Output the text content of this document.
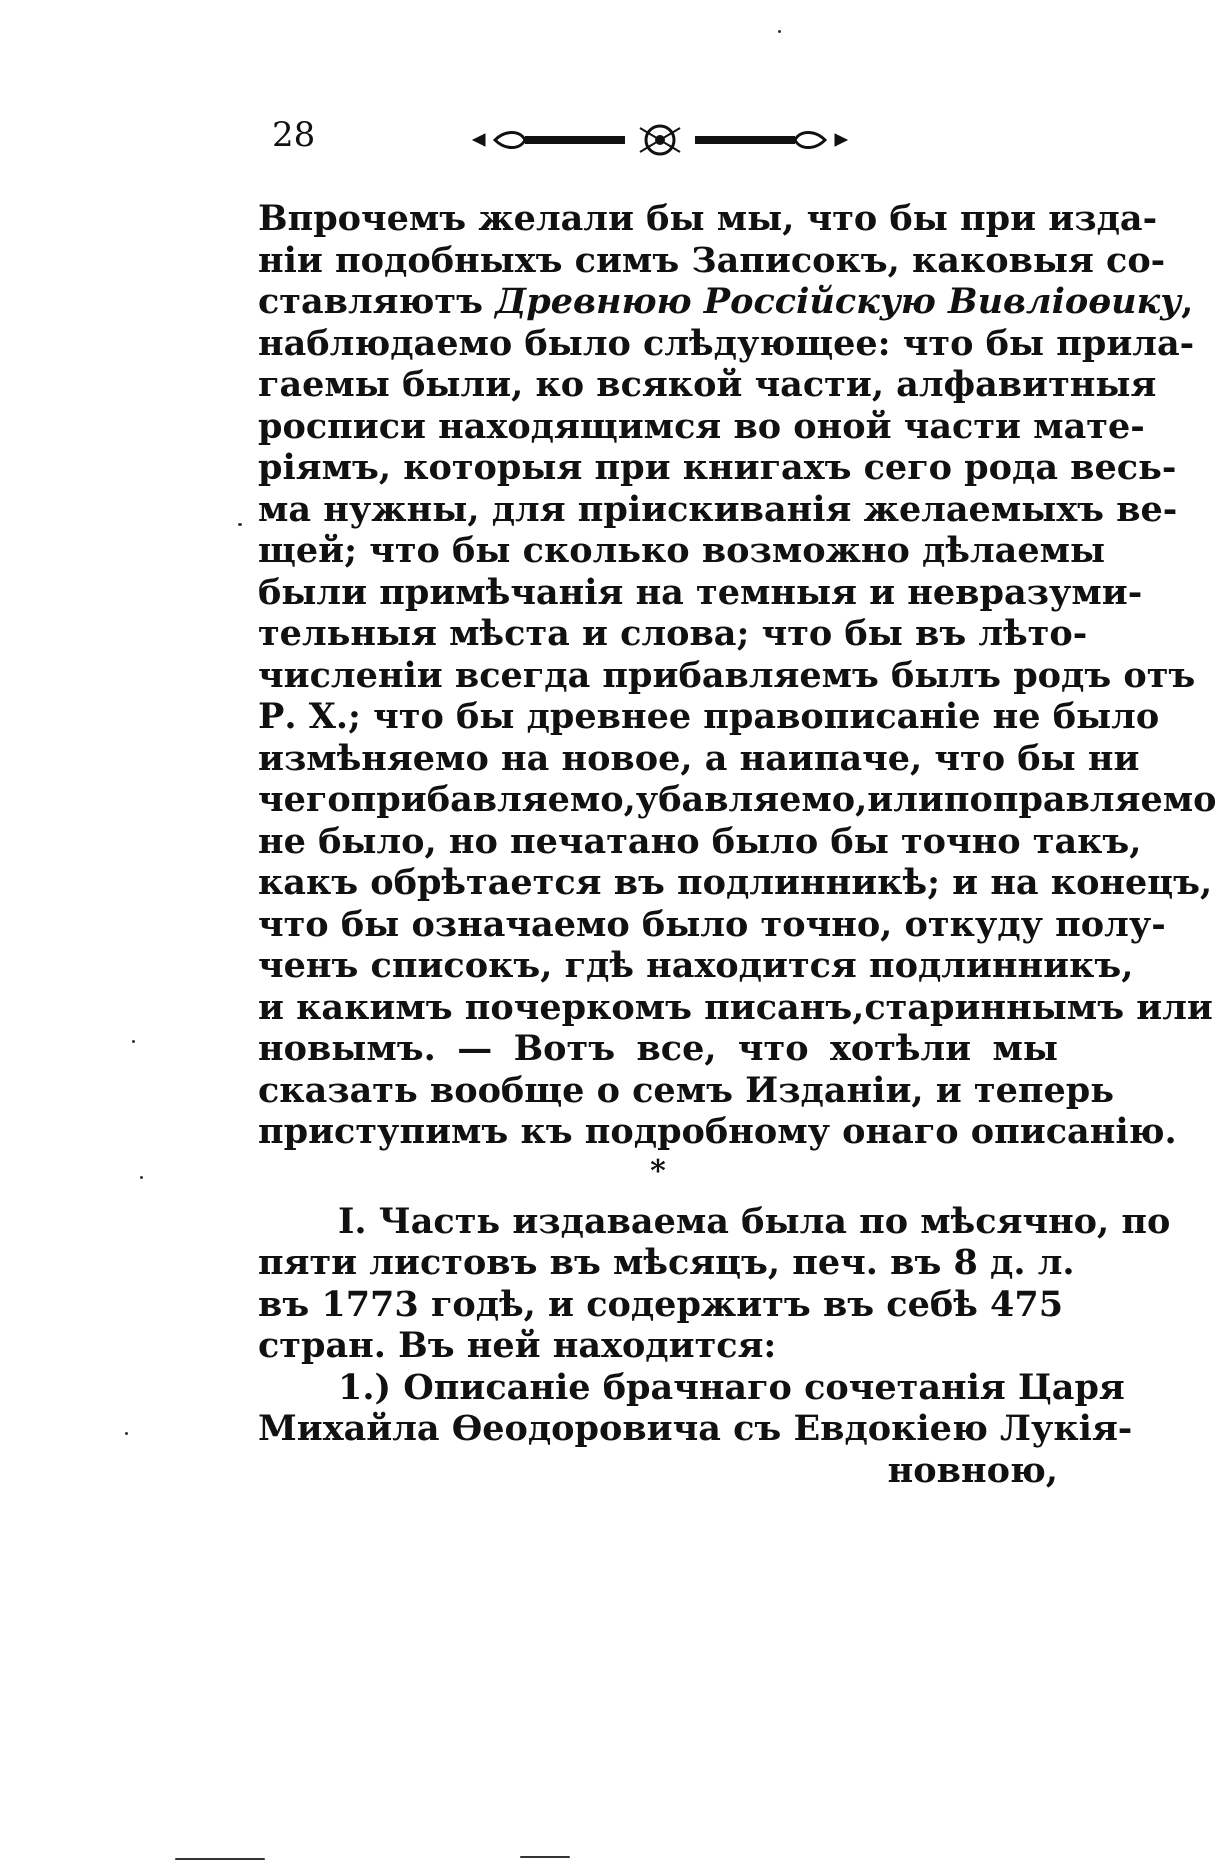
28
Впрочемъ желали бы мы, что бы при изда-
ніи подобныхъ симъ Записокъ, каковыя со-
ставляютъ Древнюю Россійскую Вивліоѳику,
наблюдаемо было слѣдующее: что бы прила-
гаемы были, ко всякой части, алфавитныя
росписи находящимся во оной части мате-
ріямъ, которыя при книгахъ сего рода весь-
ма нужны, для пріискиванія желаемыхъ ве-
щей; что бы сколько возможно дѣлаемы
были примѣчанія на темныя и невразуми-
тельныя мѣста и слова; что бы въ лѣто-
численіи всегда прибавляемъ былъ родъ отъ
Р. Х.; что бы древнее правописаніе не было
измѣняемо на новое, а наипаче, что бы ни
чегоприбавляемо,убавляемо,илипоправляемо
не было, но печатано было бы точно такъ,
какъ обрѣтается въ подлинникѣ; и на конецъ,
что бы означаемо было точно, откуду полу-
ченъ списокъ, гдѣ находится подлинникъ,
и какимъ почеркомъ писанъ,стариннымъ или
новымъ. — Вотъ все, что хотѣли мы
сказать вообще о семъ Изданіи, и теперь
приступимъ къ подробному онаго описанію.
*
I. Часть издаваема была по мѣсячно, по
пяти листовъ въ мѣсяцъ, печ. въ 8 д. л.
въ 1773 годѣ, и содержитъ въ себѣ 475
стран. Въ ней находится:
1.) Описаніе брачнаго сочетанія Царя
Михайла Ѳеодоровича съ Евдокіею Лукія-
новною,
